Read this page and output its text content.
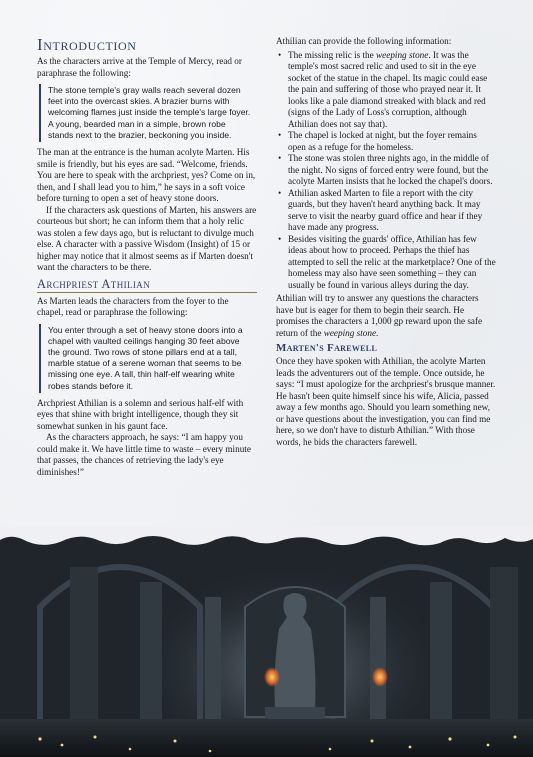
Introduction

As the characters arrive at the Temple of Mercy, read or paraphrase the following:

The stone temple's gray walls reach several dozen feet into the overcast skies. A brazier burns with welcoming flames just inside the temple's large foyer. A young, bearded man in a simple, brown robe stands next to the brazier, beckoning you inside.

The man at the entrance is the human acolyte Marten. His smile is friendly, but his eyes are sad. “Welcome, friends. You are here to speak with the archpriest, yes? Come on in, then, and I shall lead you to him,” he says in a soft voice before turning to open a set of heavy stone doors.

If the characters ask questions of Marten, his answers are courteous but short; he can inform them that a holy relic was stolen a few days ago, but is reluctant to divulge much else. A character with a passive Wisdom (Insight) of 15 or higher may notice that it almost seems as if Marten doesn't want the characters to be there.

Archpriest Athilian

As Marten leads the characters from the foyer to the chapel, read or paraphrase the following:

You enter through a set of heavy stone doors into a chapel with vaulted ceilings hanging 30 feet above the ground. Two rows of stone pillars end at a tall, marble statue of a serene woman that seems to be missing one eye. A tall, thin half-elf wearing white robes stands before it.

Archpriest Athilian is a solemn and serious half-elf with eyes that shine with bright intelligence, though they sit somewhat sunken in his gaunt face.

As the characters approach, he says: “I am happy you could make it. We have little time to waste – every minute that passes, the chances of retrieving the lady's eye diminishes!”

Athilian can provide the following information:

• The missing relic is the weeping stone. It was the temple's most sacred relic and used to sit in the eye socket of the statue in the chapel. Its magic could ease the pain and suffering of those who prayed near it. It looks like a pale diamond streaked with black and red (signs of the Lady of Loss's corruption, although Athilian does not say that).
• The chapel is locked at night, but the foyer remains open as a refuge for the homeless.
• The stone was stolen three nights ago, in the middle of the night. No signs of forced entry were found, but the acolyte Marten insists that he locked the chapel's doors.
• Athilian asked Marten to file a report with the city guards, but they haven't heard anything back. It may serve to visit the nearby guard office and hear if they have made any progress.
• Besides visiting the guards' office, Athilian has few ideas about how to proceed. Perhaps the thief has attempted to sell the relic at the marketplace? One of the homeless may also have seen something – they can usually be found in various alleys during the day.

Athilian will try to answer any questions the characters have but is eager for them to begin their search. He promises the characters a 1,000 gp reward upon the safe return of the weeping stone.

Marten's Farewell

Once they have spoken with Athilian, the acolyte Marten leads the adventurers out of the temple. Once outside, he says: “I must apologize for the archpriest's brusque manner. He hasn't been quite himself since his wife, Alicia, passed away a few months ago. Should you learn something new, or have questions about the investigation, you can find me here, so we don't have to disturb Athilian.” With those words, he bids the characters farewell.
